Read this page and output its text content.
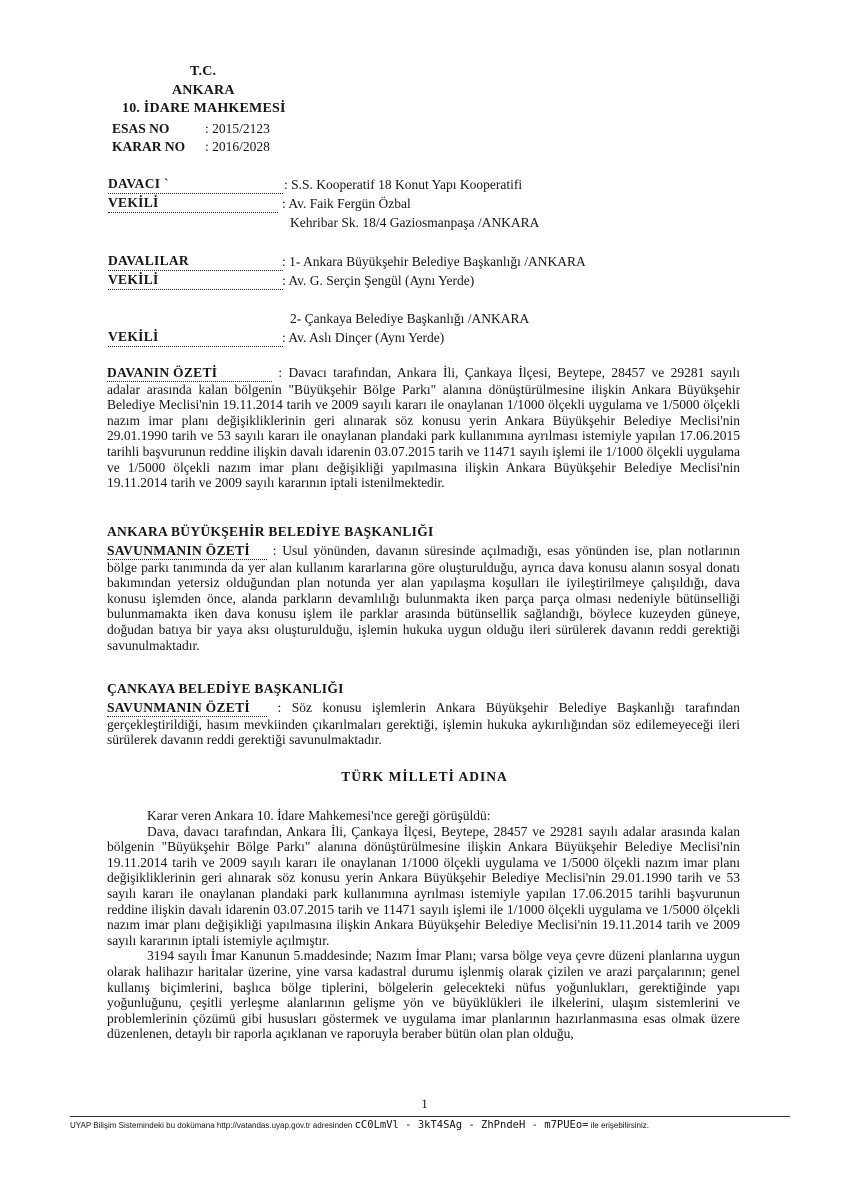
T.C.
ANKARA
10. İDARE MAHKEMESİ
ESAS NO	: 2015/2123
KARAR NO : 2016/2028
DAVACI `	: S.S. Kooperatif 18 Konut Yapı Kooperatifi
VEKİLİ	: Av. Faik Fergün Özbal
Kehribar Sk. 18/4 Gaziosmanpaşa /ANKARA
DAVALILAR	: 1- Ankara Büyükşehir Belediye Başkanlığı /ANKARA
VEKİLİ	: Av. G. Serçin Şengül (Aynı Yerde)
2- Çankaya Belediye Başkanlığı /ANKARA
VEKİLİ	: Av. Aslı Dinçer (Aynı Yerde)
DAVANIN ÖZETİ	: Davacı tarafından, Ankara İli, Çankaya İlçesi, Beytepe, 28457 ve 29281 sayılı adalar arasında kalan bölgenin "Büyükşehir Bölge Parkı" alanına dönüştürülmesine ilişkin Ankara Büyükşehir Belediye Meclisi'nin 19.11.2014 tarih ve 2009 sayılı kararı ile onaylanan 1/1000 ölçekli uygulama ve 1/5000 ölçekli nazım imar planı değişikliklerinin geri alınarak söz konusu yerin Ankara Büyükşehir Belediye Meclisi'nin 29.01.1990 tarih ve 53 sayılı kararı ile onaylanan plandaki park kullanımına ayrılması istemiyle yapılan 17.06.2015 tarihli başvurunun reddine ilişkin davalı idarenin 03.07.2015 tarih ve 11471 sayılı işlemi ile 1/1000 ölçekli uygulama ve 1/5000 ölçekli nazım imar planı değişikliği yapılmasına ilişkin Ankara Büyükşehir Belediye Meclisi'nin 19.11.2014 tarih ve 2009 sayılı kararının iptali istenilmektedir.
ANKARA BÜYÜKŞEHİR BELEDİYE BAŞKANLIĞI
SAVUNMANIN ÖZETİ : Usul yönünden, davanın süresinde açılmadığı, esas yönünden ise, plan notlarının bölge parkı tanımında da yer alan kullanım kararlarına göre oluşturulduğu, ayrıca dava konusu alanın sosyal donatı bakımından yetersiz olduğundan plan notunda yer alan yapılaşma koşulları ile iyileştirilmeye çalışıldığı, dava konusu işlemden önce, alanda parkların devamlılığı bulunmakta iken parça parça olması nedeniyle bütünselliği bulunmamakta iken dava konusu işlem ile parklar arasında bütünsellik sağlandığı, böylece kuzeyden güneye, doğudan batıya bir yaya aksı oluşturulduğu, işlemin hukuka uygun olduğu ileri sürülerek davanın reddi gerektiği savunulmaktadır.
ÇANKAYA BELEDİYE BAŞKANLIĞI
SAVUNMANIN ÖZETİ : Söz konusu işlemlerin Ankara Büyükşehir Belediye Başkanlığı tarafından gerçekleştirildiği, hasım mevkiinden çıkarılmaları gerektiği, işlemin hukuka aykırılığından söz edilemeyeceği ileri sürülerek davanın reddi gerektiği savunulmaktadır.
TÜRK MİLLETİ ADINA
Karar veren Ankara 10. İdare Mahkemesi'nce gereği görüşüldü:
Dava, davacı tarafından, Ankara İli, Çankaya İlçesi, Beytepe, 28457 ve 29281 sayılı adalar arasında kalan bölgenin "Büyükşehir Bölge Parkı" alanına dönüştürülmesine ilişkin Ankara Büyükşehir Belediye Meclisi'nin 19.11.2014 tarih ve 2009 sayılı kararı ile onaylanan 1/1000 ölçekli uygulama ve 1/5000 ölçekli nazım imar planı değişikliklerinin geri alınarak söz konusu yerin Ankara Büyükşehir Belediye Meclisi'nin 29.01.1990 tarih ve 53 sayılı kararı ile onaylanan plandaki park kullanımına ayrılması istemiyle yapılan 17.06.2015 tarihli başvurunun reddine ilişkin davalı idarenin 03.07.2015 tarih ve 11471 sayılı işlemi ile 1/1000 ölçekli uygulama ve 1/5000 ölçekli nazım imar planı değişikliği yapılmasına ilişkin Ankara Büyükşehir Belediye Meclisi'nin 19.11.2014 tarih ve 2009 sayılı kararının iptali istemiyle açılmıştır.
3194 sayılı İmar Kanunun 5.maddesinde; Nazım İmar Planı; varsa bölge veya çevre düzeni planlarına uygun olarak halihazır haritalar üzerine, yine varsa kadastral durumu işlenmiş olarak çizilen ve arazi parçalarının; genel kullanış biçimlerini, başlıca bölge tiplerini, bölgelerin gelecekteki nüfus yoğunlukları, gerektiğinde yapı yoğunluğunu, çeşitli yerleşme alanlarının gelişme yön ve büyüklükleri ile ilkelerini, ulaşım sistemlerini ve problemlerinin çözümü gibi hususları göstermek ve uygulama imar planlarının hazırlanmasına esas olmak üzere düzenlenen, detaylı bir raporla açıklanan ve raporuyla beraber bütün olan plan olduğu,
1
UYAP Bilişim Sistemindeki bu dokümana http://vatandas.uyap.gov.tr adresinden cC0LmVl - 3kT4SAg - ZhPndeH - m7PUEo= ile erişebilirsiniz.
